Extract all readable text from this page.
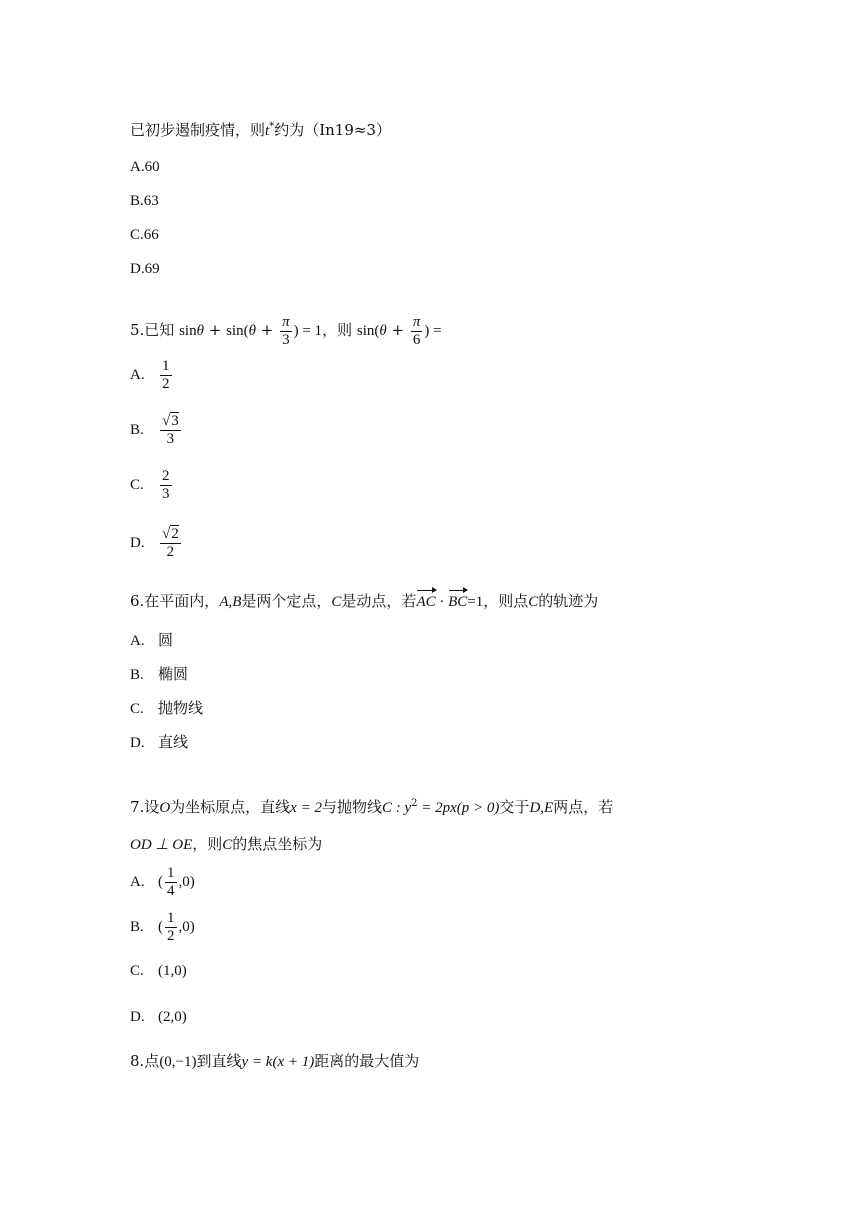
已初步遏制疫情，则t*约为（In19≈3）
A.60
B.63
C.66
D.69
5.已知 $\sin\theta + \sin(\theta + \frac{\pi}{3}$ ) = 1，则 $\sin(\theta + \frac{\pi}{6}$ ) =
A. $\frac{1}{2}$
B. $\frac{√3}{3}$
C. $\frac{2}{3}$
D. $\frac{√2}{2}$
6.在平面内，A,B是两个定点，C是动点，若AC · BC=1，则点C的轨迹为
A. 圆
B. 椭圆
C. 抛物线
D. 直线
7.设O为坐标原点，直线x = 2与抛物线C : $y^2 = 2px(p > 0)$交于D,E两点，若
OD ⊥ OE，则C的焦点坐标为
A. ( $\frac{1}{4} ,0$)
B. ( $\frac{1}{2} ,0$)
C. (1,0)
D. (2,0)
8.点(0,−1)到直线y = k(x + 1)距离的最大值为
